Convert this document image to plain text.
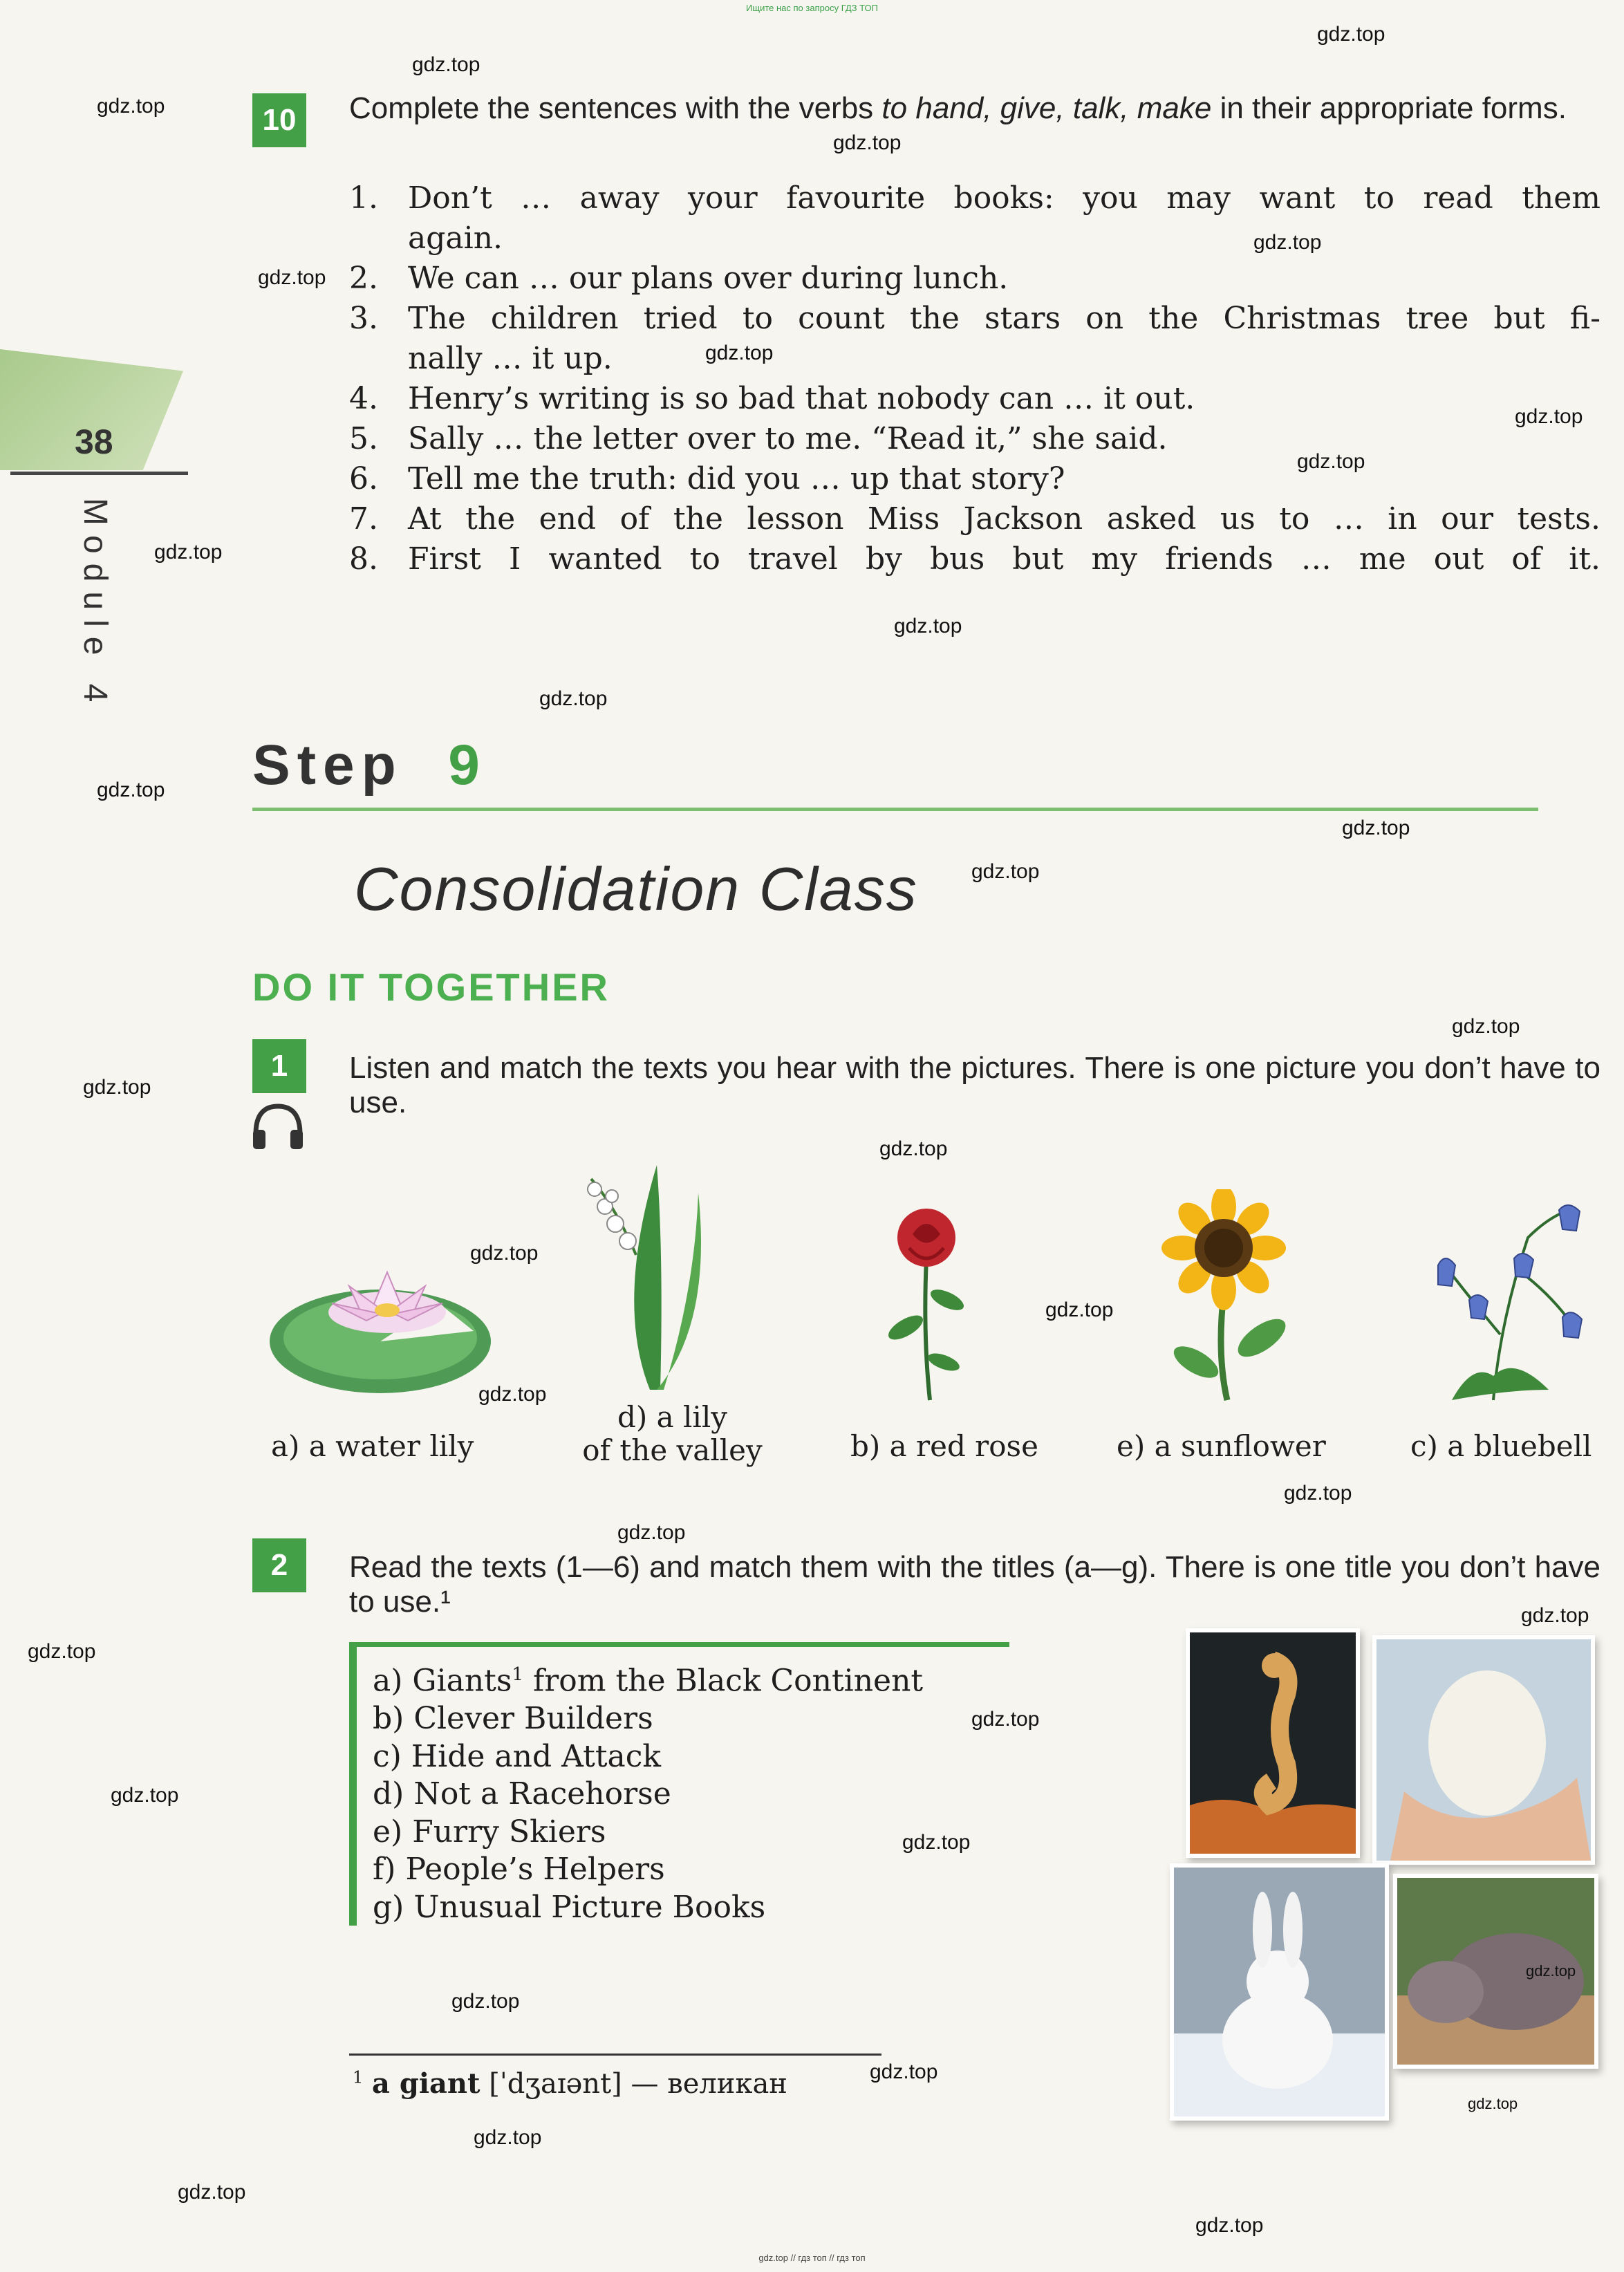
Ищите нас по запросу ГДЗ ТОП
gdz.top // гдз топ // гдз топ
38
Module 4
10	Complete the sentences with the verbs to hand, give, talk, make in their appropriate forms.
1. Don’t … away your favourite books: you may want to read them
again.
2. We can … our plans over during lunch.
3. The children tried to count the stars on the Christmas tree but fi-
nally … it up.
4. Henry’s writing is so bad that nobody can … it out.
5. Sally … the letter over to me. “Read it,” she said.
6. Tell me the truth: did you … up that story?
7. At the end of the lesson Miss Jackson asked us to … in our tests.
8. First I wanted to travel by bus but my friends … me out of it.
Step 9
Consolidation Class
DO IT TOGETHER
1	Listen and match the texts you hear with the pictures. There is one picture you don’t have to use.
a) a water lily
d) a lily
of the valley	b) a red rose	e) a sunflower	c) a bluebell
2	Read the texts (1—6) and match them with the titles (a—g). There is one title you don’t have to use.¹
a) Giants$^1$ from the Black Continent
b) Clever Builders
c) Hide and Attack
d) Not a Racehorse
e) Furry Skiers
f) People’s Helpers
g) Unusual Picture Books
$^1$ a giant [ˈdʒaɪənt] — великан
gdz.top
gdz.top
gdz.top
gdz.top
gdz.top
gdz.top
gdz.top
gdz.top
gdz.top
gdz.top
gdz.top
gdz.top
gdz.top
gdz.top
gdz.top
gdz.top
gdz.top
gdz.top
gdz.top
gdz.top
gdz.top
gdz.top
gdz.top
gdz.top
gdz.top
gdz.top
gdz.top
gdz.top
gdz.top
gdz.top
gdz.top
gdz.top
gdz.top
gdz.top
gdz.top
